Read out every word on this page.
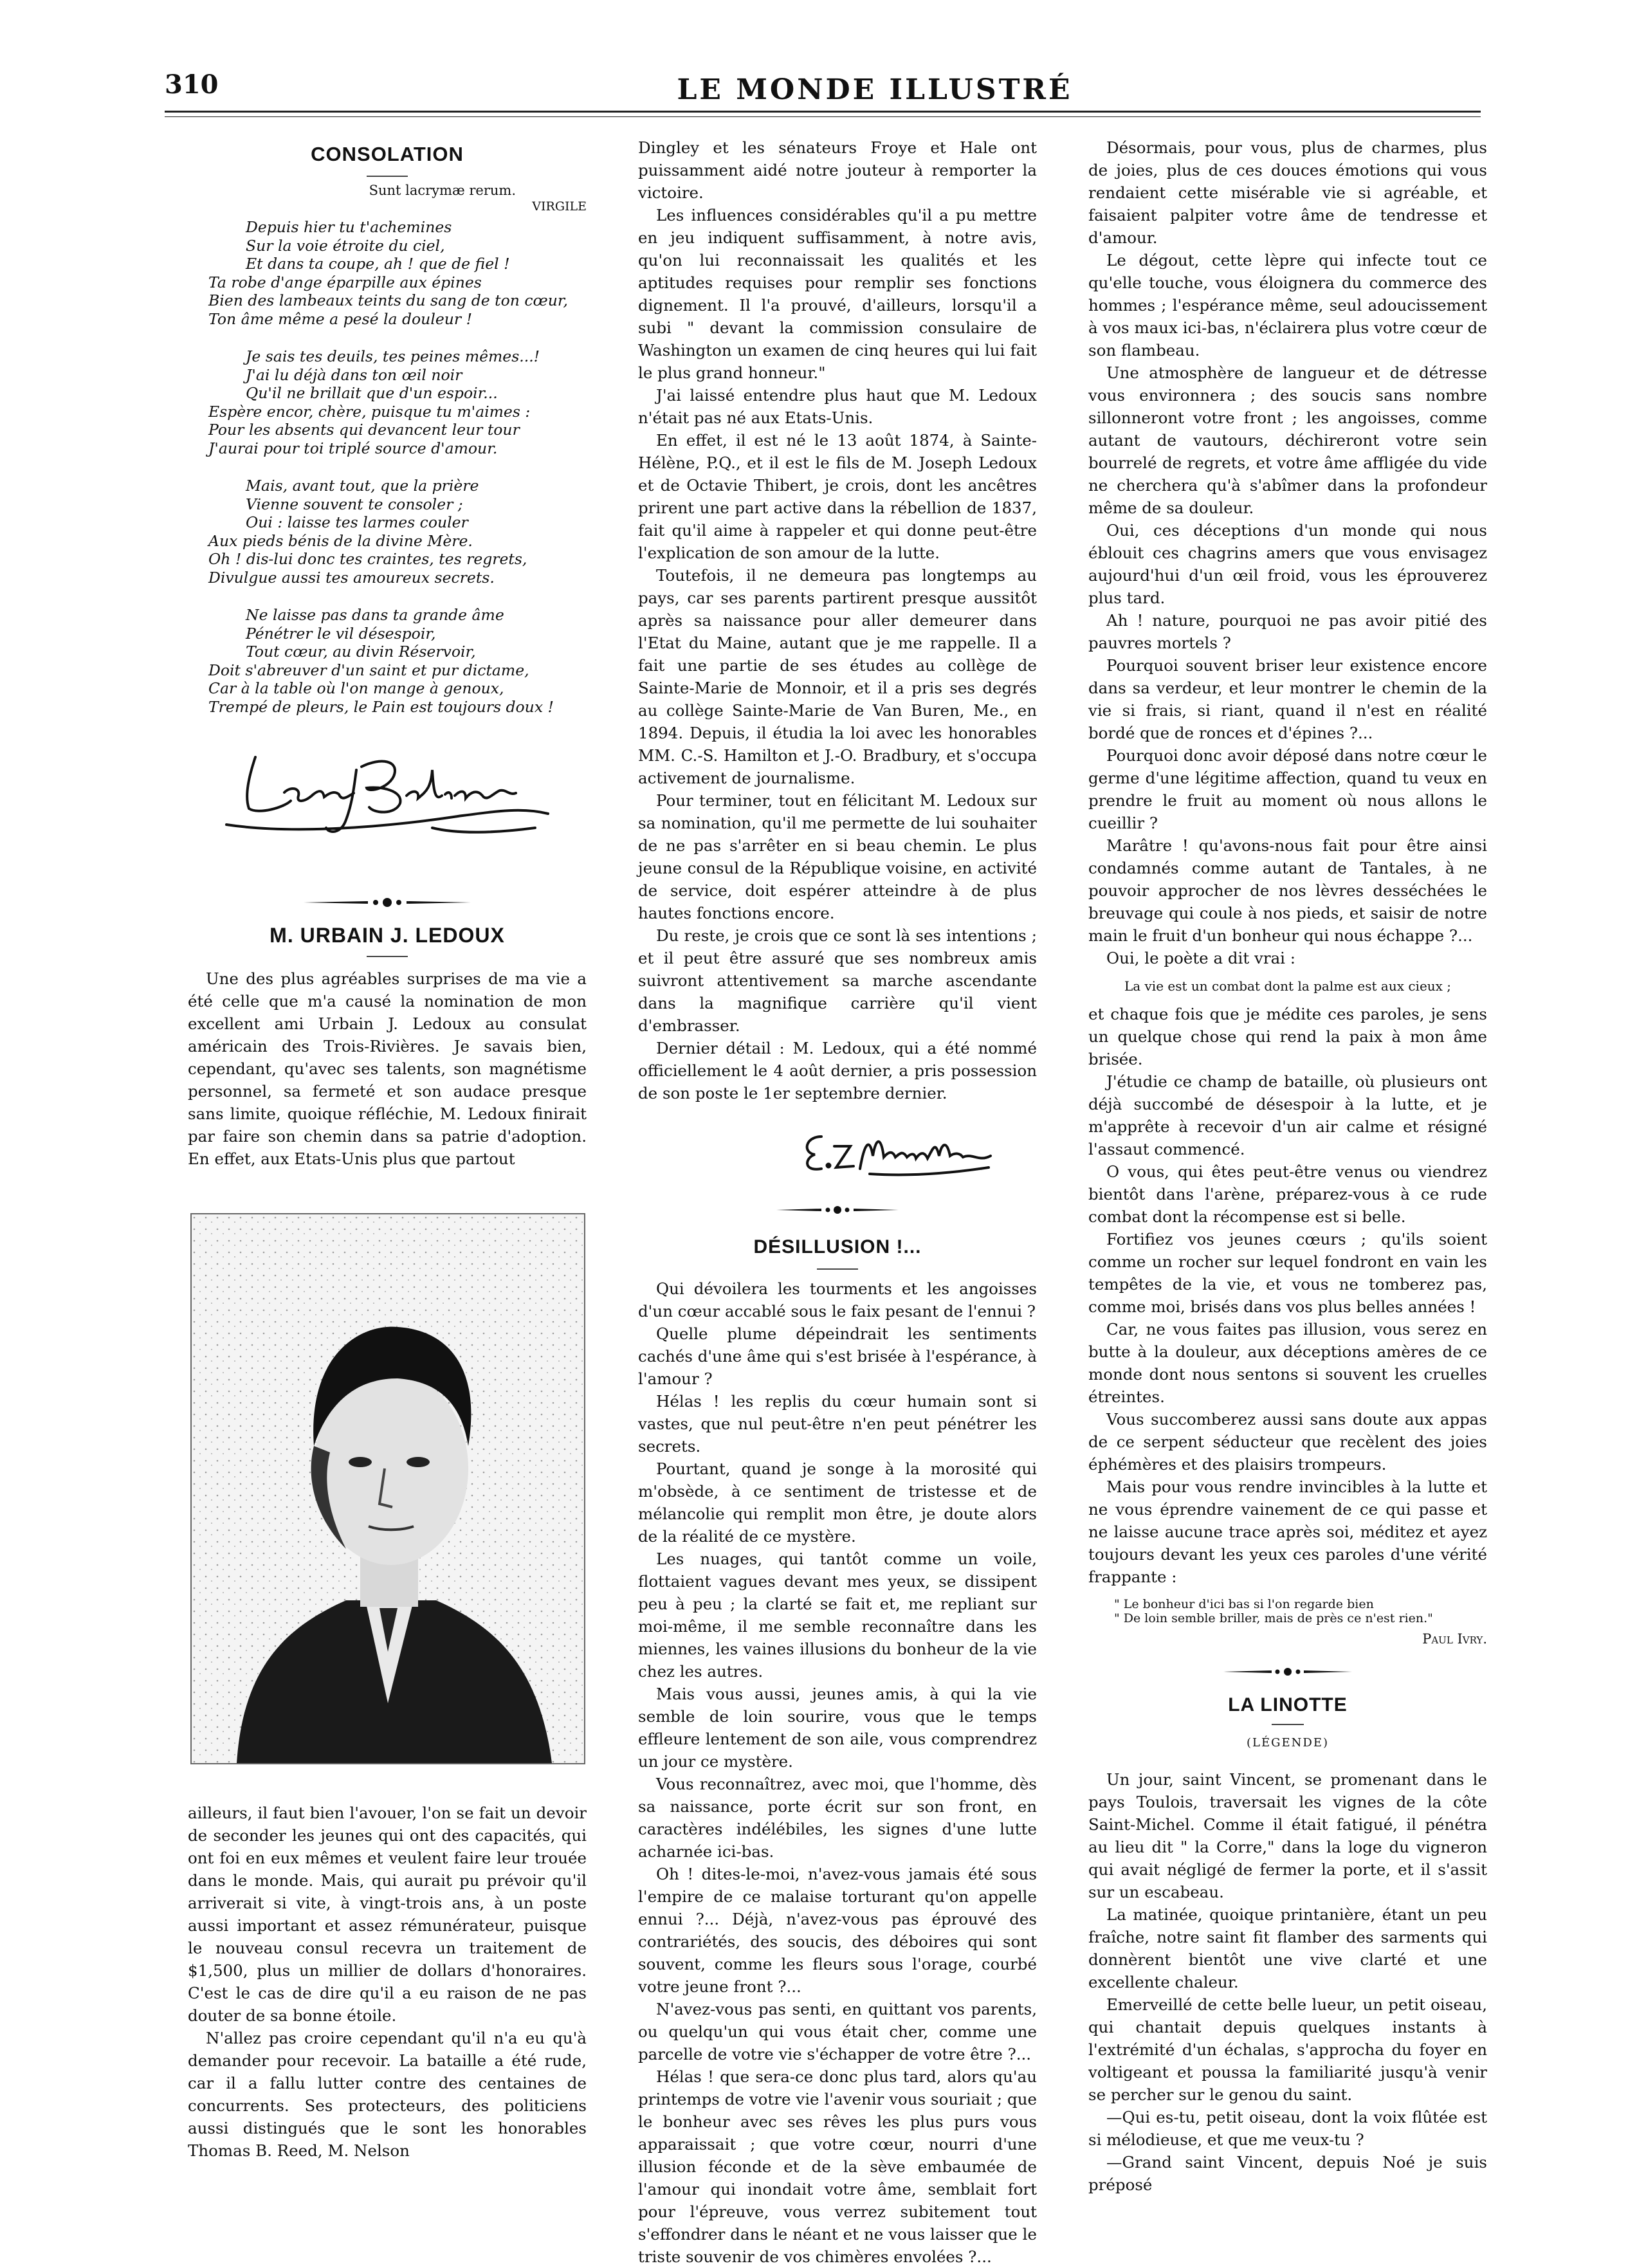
310	LE MONDE ILLUSTRÉ
CONSOLATION
Sunt lacrymæ rerum.
VIRGILE
Depuis hier tu t'achemines
Sur la voie étroite du ciel,
Et dans ta coupe, ah ! que de fiel !
Ta robe d'ange éparpille aux épines
Bien des lambeaux teints du sang de ton cœur,
Ton âme même a pesé la douleur !
Je sais tes deuils, tes peines mêmes...!
J'ai lu déjà dans ton œil noir
Qu'il ne brillait que d'un espoir...
Espère encor, chère, puisque tu m'aimes :
Pour les absents qui devancent leur tour
J'aurai pour toi triplé source d'amour.
Mais, avant tout, que la prière
Vienne souvent te consoler ;
Oui : laisse tes larmes couler
Aux pieds bénis de la divine Mère.
Oh ! dis-lui donc tes craintes, tes regrets,
Divulgue aussi tes amoureux secrets.
Ne laisse pas dans ta grande âme
Pénétrer le vil désespoir,
Tout cœur, au divin Réservoir,
Doit s'abreuver d'un saint et pur dictame,
Car à la table où l'on mange à genoux,
Trempé de pleurs, le Pain est toujours doux !
M. URBAIN J. LEDOUX

Une des plus agréables surprises de ma vie a été celle que m'a causé la nomination de mon excellent ami Urbain J. Ledoux au consulat américain des Trois-Rivières. Je savais bien, cependant, qu'avec ses talents, son magnétisme personnel, sa fermeté et son audace presque sans limite, quoique réfléchie, M. Ledoux finirait par faire son chemin dans sa patrie d'adoption. En effet, aux Etats-Unis plus que partout

ailleurs, il faut bien l'avouer, l'on se fait un devoir de seconder les jeunes qui ont des capacités, qui ont foi en eux mêmes et veulent faire leur trouée dans le monde. Mais, qui aurait pu prévoir qu'il arriverait si vite, à vingt-trois ans, à un poste aussi important et assez rémunérateur, puisque le nouveau consul recevra un traitement de $1,500, plus un millier de dollars d'honoraires. C'est le cas de dire qu'il a eu raison de ne pas douter de sa bonne étoile.

N'allez pas croire cependant qu'il n'a eu qu'à demander pour recevoir. La bataille a été rude, car il a fallu lutter contre des centaines de concurrents. Ses protecteurs, des politiciens aussi distingués que le sont les honorables Thomas B. Reed, M. Nelson

Dingley et les sénateurs Froye et Hale ont puissamment aidé notre jouteur à remporter la victoire.

Les influences considérables qu'il a pu mettre en jeu indiquent suffisamment, à notre avis, qu'on lui reconnaissait les qualités et les aptitudes requises pour remplir ses fonctions dignement. Il l'a prouvé, d'ailleurs, lorsqu'il a subi " devant la commission consulaire de Washington un examen de cinq heures qui lui fait le plus grand honneur."

J'ai laissé entendre plus haut que M. Ledoux n'était pas né aux Etats-Unis.

En effet, il est né le 13 août 1874, à Sainte-Hélène, P.Q., et il est le fils de M. Joseph Ledoux et de Octavie Thibert, je crois, dont les ancêtres prirent une part active dans la rébellion de 1837, fait qu'il aime à rappeler et qui donne peut-être l'explication de son amour de la lutte.

Toutefois, il ne demeura pas longtemps au pays, car ses parents partirent presque aussitôt après sa naissance pour aller demeurer dans l'Etat du Maine, autant que je me rappelle. Il a fait une partie de ses études au collège de Sainte-Marie de Monnoir, et il a pris ses degrés au collège Sainte-Marie de Van Buren, Me., en 1894. Depuis, il étudia la loi avec les honorables MM. C.-S. Hamilton et J.-O. Bradbury, et s'occupa activement de journalisme.

Pour terminer, tout en félicitant M. Ledoux sur sa nomination, qu'il me permette de lui souhaiter de ne pas s'arrêter en si beau chemin. Le plus jeune consul de la République voisine, en activité de service, doit espérer atteindre à de plus hautes fonctions encore.

Du reste, je crois que ce sont là ses intentions ; et il peut être assuré que ses nombreux amis suivront attentivement sa marche ascendante dans la magnifique carrière qu'il vient d'embrasser.

Dernier détail : M. Ledoux, qui a été nommé officiellement le 4 août dernier, a pris possession de son poste le 1er septembre dernier.

DÉSILLUSION !...

Qui dévoilera les tourments et les angoisses d'un cœur accablé sous le faix pesant de l'ennui ?

Quelle plume dépeindrait les sentiments cachés d'une âme qui s'est brisée à l'espérance, à l'amour ?

Hélas ! les replis du cœur humain sont si vastes, que nul peut-être n'en peut pénétrer les secrets.

Pourtant, quand je songe à la morosité qui m'obsède, à ce sentiment de tristesse et de mélancolie qui remplit mon être, je doute alors de la réalité de ce mystère.

Les nuages, qui tantôt comme un voile, flottaient vagues devant mes yeux, se dissipent peu à peu ; la clarté se fait et, me repliant sur moi-même, il me semble reconnaître dans les miennes, les vaines illusions du bonheur de la vie chez les autres.

Mais vous aussi, jeunes amis, à qui la vie semble de loin sourire, vous que le temps effleure lentement de son aile, vous comprendrez un jour ce mystère.

Vous reconnaîtrez, avec moi, que l'homme, dès sa naissance, porte écrit sur son front, en caractères indélébiles, les signes d'une lutte acharnée ici-bas.

Oh ! dites-le-moi, n'avez-vous jamais été sous l'empire de ce malaise torturant qu'on appelle ennui ?... Déjà, n'avez-vous pas éprouvé des contrariétés, des soucis, des déboires qui sont souvent, comme les fleurs sous l'orage, courbé votre jeune front ?...

N'avez-vous pas senti, en quittant vos parents, ou quelqu'un qui vous était cher, comme une parcelle de votre vie s'échapper de votre être ?...

Hélas ! que sera-ce donc plus tard, alors qu'au printemps de votre vie l'avenir vous souriait ; que le bonheur avec ses rêves les plus purs vous apparaissait ; que votre cœur, nourri d'une illusion féconde et de la sève embaumée de l'amour qui inondait votre âme, semblait fort pour l'épreuve, vous verrez subitement tout s'effondrer dans le néant et ne vous laisser que le triste souvenir de vos chimères envolées ?...

Désormais, pour vous, plus de charmes, plus de joies, plus de ces douces émotions qui vous rendaient cette misérable vie si agréable, et faisaient palpiter votre âme de tendresse et d'amour.

Le dégout, cette lèpre qui infecte tout ce qu'elle touche, vous éloignera du commerce des hommes ; l'espérance même, seul adoucissement à vos maux ici-bas, n'éclairera plus votre cœur de son flambeau.

Une atmosphère de langueur et de détresse vous environnera ; des soucis sans nombre sillonneront votre front ; les angoisses, comme autant de vautours, déchireront votre sein bourrelé de regrets, et votre âme affligée du vide ne cherchera qu'à s'abîmer dans la profondeur même de sa douleur.

Oui, ces déceptions d'un monde qui nous éblouit ces chagrins amers que vous envisagez aujourd'hui d'un œil froid, vous les éprouverez plus tard.

Ah ! nature, pourquoi ne pas avoir pitié des pauvres mortels ?

Pourquoi souvent briser leur existence encore dans sa verdeur, et leur montrer le chemin de la vie si frais, si riant, quand il n'est en réalité bordé que de ronces et d'épines ?...

Pourquoi donc avoir déposé dans notre cœur le germe d'une légitime affection, quand tu veux en prendre le fruit au moment où nous allons le cueillir ?

Marâtre ! qu'avons-nous fait pour être ainsi condamnés comme autant de Tantales, à ne pouvoir approcher de nos lèvres desséchées le breuvage qui coule à nos pieds, et saisir de notre main le fruit d'un bonheur qui nous échappe ?...

Oui, le poète a dit vrai :

La vie est un combat dont la palme est aux cieux ;

et chaque fois que je médite ces paroles, je sens un quelque chose qui rend la paix à mon âme brisée.

J'étudie ce champ de bataille, où plusieurs ont déjà succombé de désespoir à la lutte, et je m'apprête à recevoir d'un air calme et résigné l'assaut commencé.

O vous, qui êtes peut-être venus ou viendrez bientôt dans l'arène, préparez-vous à ce rude combat dont la récompense est si belle.

Fortifiez vos jeunes cœurs ; qu'ils soient comme un rocher sur lequel fondront en vain les tempêtes de la vie, et vous ne tomberez pas, comme moi, brisés dans vos plus belles années !

Car, ne vous faites pas illusion, vous serez en butte à la douleur, aux déceptions amères de ce monde dont nous sentons si souvent les cruelles étreintes.

Vous succomberez aussi sans doute aux appas de ce serpent séducteur que recèlent des joies éphémères et des plaisirs trompeurs.

Mais pour vous rendre invincibles à la lutte et ne vous éprendre vainement de ce qui passe et ne laisse aucune trace après soi, méditez et ayez toujours devant les yeux ces paroles d'une vérité frappante :

" Le bonheur d'ici bas si l'on regarde bien
" De loin semble briller, mais de près ce n'est rien."
Paul Ivry.
LA LINOTTE
(LÉGENDE)

Un jour, saint Vincent, se promenant dans le pays Toulois, traversait les vignes de la côte Saint-Michel. Comme il était fatigué, il pénétra au lieu dit " la Corre," dans la loge du vigneron qui avait négligé de fermer la porte, et il s'assit sur un escabeau.

La matinée, quoique printanière, étant un peu fraîche, notre saint fit flamber des sarments qui donnèrent bientôt une vive clarté et une excellente chaleur.

Emerveillé de cette belle lueur, un petit oiseau, qui chantait depuis quelques instants à l'extrémité d'un échalas, s'approcha du foyer en voltigeant et poussa la familiarité jusqu'à venir se percher sur le genou du saint.

—Qui es-tu, petit oiseau, dont la voix flûtée est si mélodieuse, et que me veux-tu ?

—Grand saint Vincent, depuis Noé je suis préposé
